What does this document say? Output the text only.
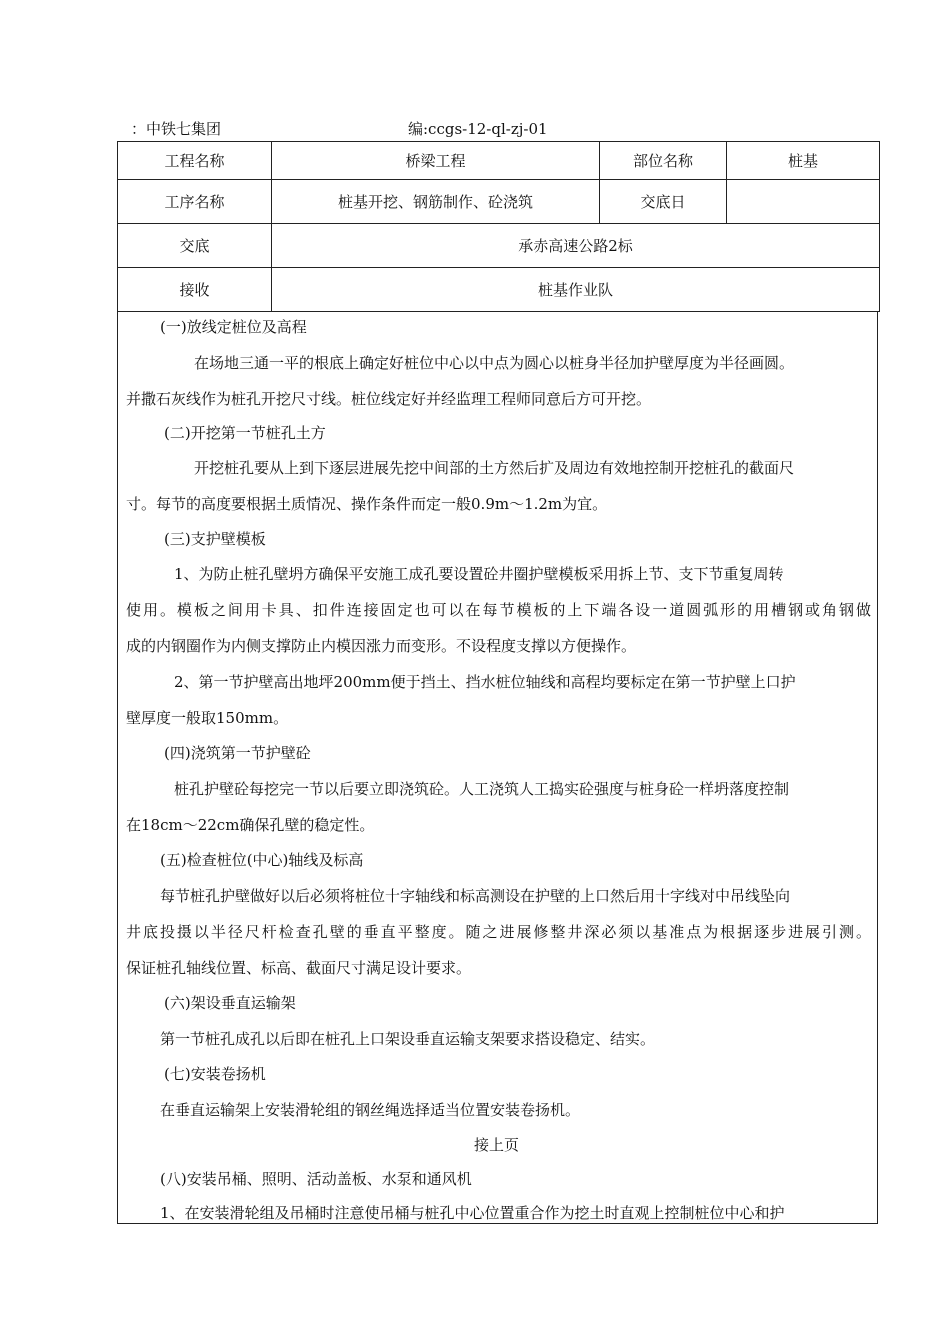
：中铁七集团	编:ccgs-12-ql-zj-01
工程名称	桥梁工程	部位名称	桩基
工序名称	桩基开挖、钢筋制作、砼浇筑	交底日	
交底	承赤高速公路2标		
接收	桩基作业队		
(一)放线定桩位及高程
在场地三通一平的根底上确定好桩位中心以中点为圆心以桩身半径加护壁厚度为半径画圆。
并撒石灰线作为桩孔开挖尺寸线。桩位线定好并经监理工程师同意后方可开挖。
(二)开挖第一节桩孔土方
开挖桩孔要从上到下逐层进展先挖中间部的土方然后扩及周边有效地控制开挖桩孔的截面尺
寸。每节的高度要根据土质情况、操作条件而定一般0.9m～1.2m为宜。
(三)支护壁模板
1、为防止桩孔壁坍方确保平安施工成孔要设置砼井圈护壁模板采用拆上节、支下节重复周转
使用。模板之间用卡具、扣件连接固定也可以在每节模板的上下端各设一道圆弧形的用槽钢或角钢做
成的内钢圈作为内侧支撑防止内模因涨力而变形。不设程度支撑以方便操作。
2、第一节护壁高出地坪200mm便于挡土、挡水桩位轴线和高程均要标定在第一节护壁上口护
壁厚度一般取150mm。
(四)浇筑第一节护壁砼
桩孔护壁砼每挖完一节以后要立即浇筑砼。人工浇筑人工捣实砼强度与桩身砼一样坍落度控制
在18cm～22cm确保孔壁的稳定性。
(五)检查桩位(中心)轴线及标高
每节桩孔护壁做好以后必须将桩位十字轴线和标高测设在护壁的上口然后用十字线对中吊线坠向
井底投摄以半径尺杆检查孔壁的垂直平整度。随之进展修整井深必须以基准点为根据逐步进展引测。
保证桩孔轴线位置、标高、截面尺寸满足设计要求。
(六)架设垂直运输架
第一节桩孔成孔以后即在桩孔上口架设垂直运输支架要求搭设稳定、结实。
(七)安装卷扬机
在垂直运输架上安装滑轮组的钢丝绳选择适当位置安装卷扬机。
接上页
(八)安装吊桶、照明、活动盖板、水泵和通风机
1、在安装滑轮组及吊桶时注意使吊桶与桩孔中心位置重合作为挖土时直观上控制桩位中心和护
